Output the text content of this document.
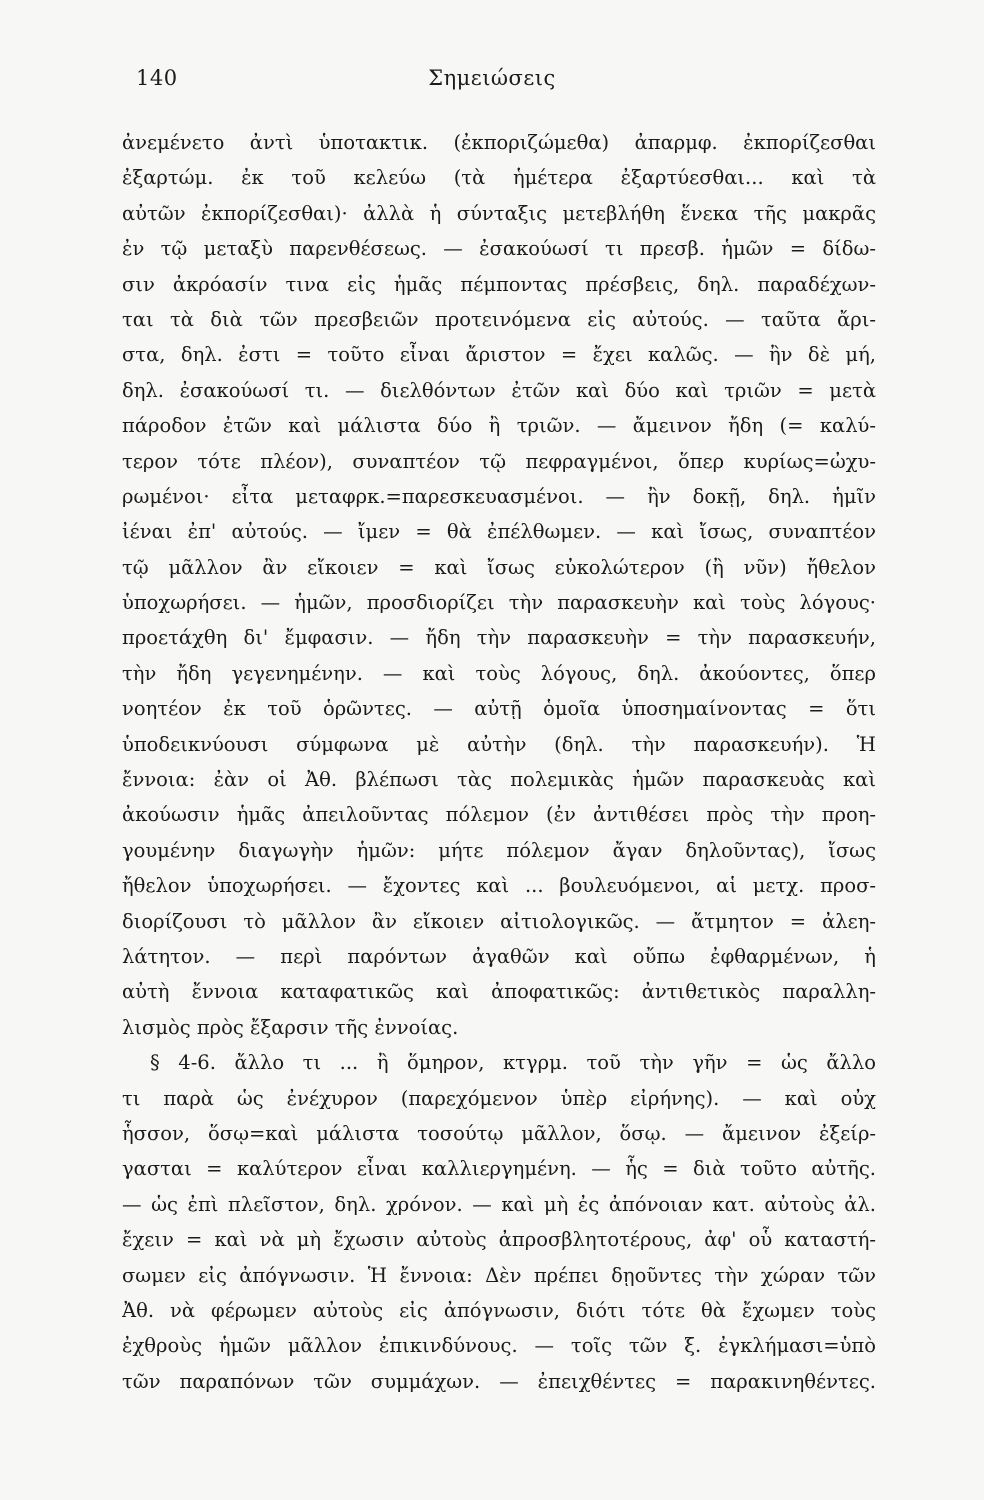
140	Σημειώσεις
ἀνεμένετο ἀντὶ ὑποτακτικ. (ἐκποριζώμεθα) ἀπαρμφ. ἐκπορίζεσθαι
ἐξαρτώμ. ἐκ τοῦ κελεύω (τὰ ἡμέτερα ἐξαρτύεσθαι... καὶ τὰ
αὐτῶν ἐκπορίζεσθαι)· ἀλλὰ ἡ σύνταξις μετεβλήθη ἕνεκα τῆς μακρᾶς
ἐν τῷ μεταξὺ παρενθέσεως. — ἐσακούωσί τι πρεσβ. ἡμῶν = δίδω-
σιν ἀκρόασίν τινα εἰς ἡμᾶς πέμποντας πρέσβεις, δηλ. παραδέχων-
ται τὰ διὰ τῶν πρεσβειῶν προτεινόμενα εἰς αὐτούς. — ταῦτα ἄρι-
στα, δηλ. ἐστι = τοῦτο εἶναι ἄριστον = ἔχει καλῶς. — ἢν δὲ μή,
δηλ. ἐσακούωσί τι. — διελθόντων ἐτῶν καὶ δύο καὶ τριῶν = μετὰ
πάροδον ἐτῶν καὶ μάλιστα δύο ἢ τριῶν. — ἄμεινον ἤδη (= καλύ-
τερον τότε πλέον), συναπτέον τῷ πεφραγμένοι, ὅπερ κυρίως=ὠχυ-
ρωμένοι· εἶτα μεταφρκ.=παρεσκευασμένοι. — ἢν δοκῇ, δηλ. ἡμῖν
ἰέναι ἐπ' αὐτούς. — ἴμεν = θὰ ἐπέλθωμεν. — καὶ ἴσως, συναπτέον
τῷ μᾶλλον ἂν εἴκοιεν = καὶ ἴσως εὐκολώτερον (ἢ νῦν) ἤθελον
ὑποχωρήσει. — ἡμῶν, προσδιορίζει τὴν παρασκευὴν καὶ τοὺς λόγους·
προετάχθη δι' ἔμφασιν. — ἤδη τὴν παρασκευὴν = τὴν παρασκευήν,
τὴν ἤδη γεγενημένην. — καὶ τοὺς λόγους, δηλ. ἀκούοντες, ὅπερ
νοητέον ἐκ τοῦ ὁρῶντες. — αὐτῇ ὁμοῖα ὑποσημαίνοντας = ὅτι
ὑποδεικνύουσι σύμφωνα μὲ αὐτὴν (δηλ. τὴν παρασκευήν). Ἡ
ἔννοια: ἐὰν οἱ Ἀθ. βλέπωσι τὰς πολεμικὰς ἡμῶν παρασκευὰς καὶ
ἀκούωσιν ἡμᾶς ἀπειλοῦντας πόλεμον (ἐν ἀντιθέσει πρὸς τὴν προη-
γουμένην διαγωγὴν ἡμῶν: μήτε πόλεμον ἄγαν δηλοῦντας), ἴσως
ἤθελον ὑποχωρήσει. — ἔχοντες καὶ ... βουλευόμενοι, αἱ μετχ. προσ-
διορίζουσι τὸ μᾶλλον ἂν εἴκοιεν αἰτιολογικῶς. — ἄτμητον = ἀλεη-
λάτητον. — περὶ παρόντων ἀγαθῶν καὶ οὔπω ἐφθαρμένων, ἡ
αὐτὴ ἔννοια καταφατικῶς καὶ ἀποφατικῶς: ἀντιθετικὸς παραλλη-
λισμὸς πρὸς ἔξαρσιν τῆς ἐννοίας.
§ 4-6. ἄλλο τι ... ἢ ὅμηρον, κτγρμ. τοῦ τὴν γῆν = ὡς ἄλλο
τι παρὰ ὡς ἐνέχυρον (παρεχόμενον ὑπὲρ εἰρήνης). — καὶ οὐχ
ἧσσον, ὅσῳ=καὶ μάλιστα τοσούτῳ μᾶλλον, ὅσῳ. — ἄμεινον ἐξείρ-
γασται = καλύτερον εἶναι καλλιεργημένη. — ἧς = διὰ τοῦτο αὐτῆς.
— ὡς ἐπὶ πλεῖστον, δηλ. χρόνον. — καὶ μὴ ἐς ἀπόνοιαν κατ. αὐτοὺς ἀλ.
ἔχειν = καὶ νὰ μὴ ἔχωσιν αὐτοὺς ἀπροσβλητοτέρους, ἀφ' οὗ καταστή-
σωμεν εἰς ἀπόγνωσιν. Ἡ ἔννοια: Δὲν πρέπει δῃοῦντες τὴν χώραν τῶν
Ἀθ. νὰ φέρωμεν αὐτοὺς εἰς ἀπόγνωσιν, διότι τότε θὰ ἔχωμεν τοὺς
ἐχθροὺς ἡμῶν μᾶλλον ἐπικινδύνους. — τοῖς τῶν ξ. ἐγκλήμασι=ὑπὸ
τῶν παραπόνων τῶν συμμάχων. — ἐπειχθέντες = παρακινηθέντες.
